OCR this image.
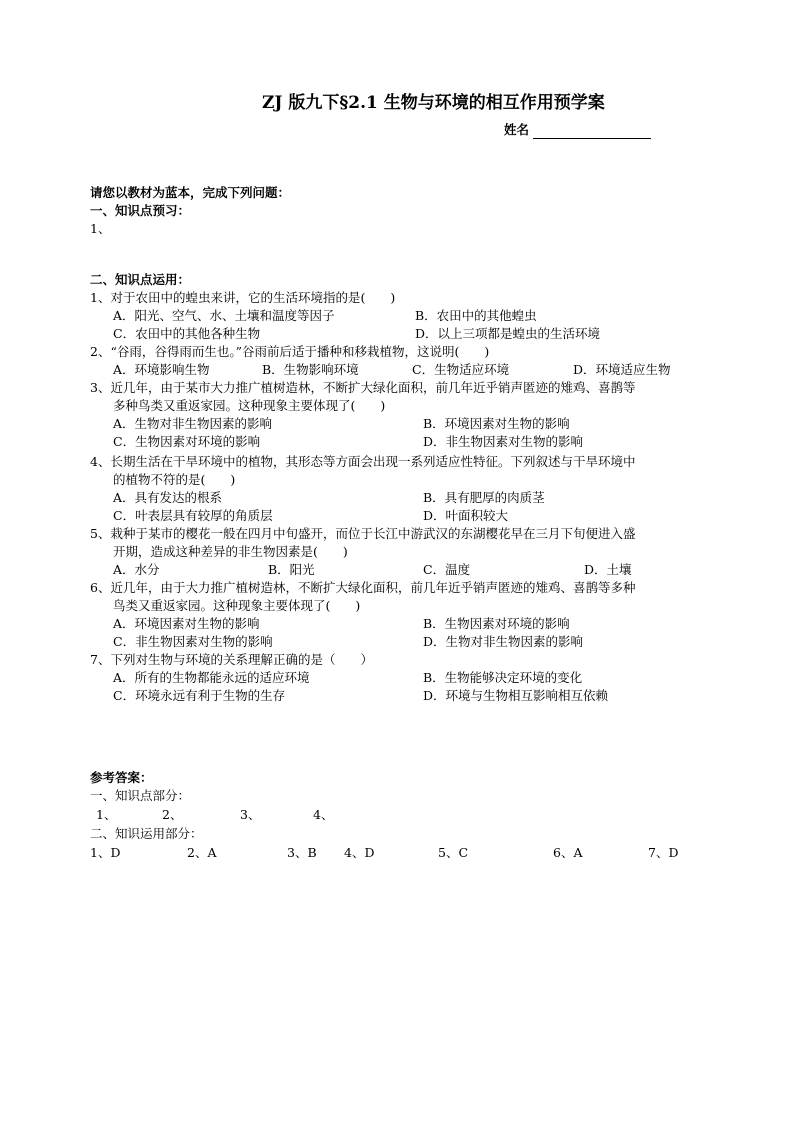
ZJ 版九下§2.1 生物与环境的相互作用预学案
姓名
请您以教材为蓝本，完成下列问题：
一、知识点预习：
1、
二、知识点运用：
1、对于农田中的蝗虫来讲，它的生活环境指的是(　　)
A．阳光、空气、水、土壤和温度等因子	B．农田中的其他蝗虫
C．农田中的其他各种生物	D．以上三项都是蝗虫的生活环境
2、“谷雨，谷得雨而生也。”谷雨前后适于播种和移栽植物，这说明(　　)
A．环境影响生物	B．生物影响环境	C．生物适应环境	D．环境适应生物
3、近几年，由于某市大力推广植树造林，不断扩大绿化面积，前几年近乎销声匿迹的雉鸡、喜鹊等
多种鸟类又重返家园。这种现象主要体现了(　　)
A．生物对非生物因素的影响	B．环境因素对生物的影响
C．生物因素对环境的影响	D．非生物因素对生物的影响
4、长期生活在干旱环境中的植物，其形态等方面会出现一系列适应性特征。下列叙述与干旱环境中
的植物不符的是(　　)
A．具有发达的根系	B．具有肥厚的肉质茎
C．叶表层具有较厚的角质层	D．叶面积较大
5、栽种于某市的樱花一般在四月中旬盛开，而位于长江中游武汉的东湖樱花早在三月下旬便进入盛
开期，造成这种差异的非生物因素是(　　)
A．水分	B．阳光	C．温度	D．土壤
6、近几年，由于大力推广植树造林，不断扩大绿化面积，前几年近乎销声匿迹的雉鸡、喜鹊等多种
鸟类又重返家园。这种现象主要体现了(　　)
A．环境因素对生物的影响	B．生物因素对环境的影响
C．非生物因素对生物的影响	D．生物对非生物因素的影响
7、下列对生物与环境的关系理解正确的是（　　）
A．所有的生物都能永远的适应环境	B．生物能够决定环境的变化
C．环境永远有利于生物的生存	D．环境与生物相互影响相互依赖
参考答案：
一、知识点部分：
1、	2、	3、	4、
二、知识运用部分：
1、D	2、A	3、B 4、D	5、C	6、A	7、D
